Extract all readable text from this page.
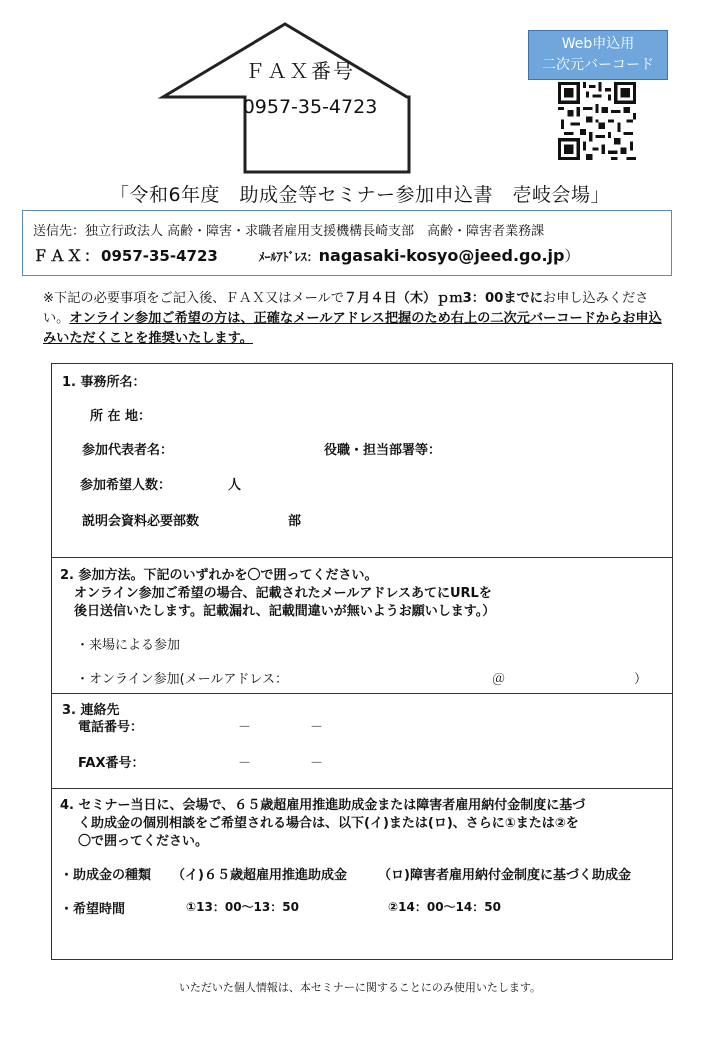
ＦＡＸ番号
0957-35-4723
Web申込用
二次元バーコード
「令和6年度　助成金等セミナー参加申込書　壱岐会場」
送信先：独立行政法人 高齢・障害・求職者雇用支援機構長崎支部　高齢・障害者業務課
ＦＡＸ：0957-35-4723	ﾒｰﾙｱﾄﾞﾚｽ：nagasaki-kosyo@jeed.go.jp）
※下記の必要事項をご記入後、ＦＡＸ又はメールで７月４日（木）ｐｍ3：00までにお申し込みください。オンライン参加ご希望の方は、正確なメールアドレス把握のため右上の二次元バーコードからお申込みいただくことを推奨いたします。
1. 事務所名：
所 在 地：
参加代表者名：	役職・担当部署等：
参加希望人数：	人
説明会資料必要部数	部
2. 参加方法。下記のいずれかを〇で囲ってください。
オンライン参加ご希望の場合、記載されたメールアドレスあてにURLを
後日送信いたします。記載漏れ、記載間違いが無いようお願いします。）
・来場による参加
・オンライン参加(メールアドレス：	＠	）
3. 連絡先
電話番号：	－	－
FAX番号：	－	－
4. セミナー当日に、会場で、６５歳超雇用推進助成金または障害者雇用納付金制度に基づ
く助成金の個別相談をご希望される場合は、以下(イ)または(ロ)、さらに①または②を
〇で囲ってください。
・助成金の種類 （イ)６５歳超雇用推進助成金 （ロ)障害者雇用納付金制度に基づく助成金
・希望時間	①13：00～13：50	②14：00～14：50
いただいた個人情報は、本セミナーに関することにのみ使用いたします。
